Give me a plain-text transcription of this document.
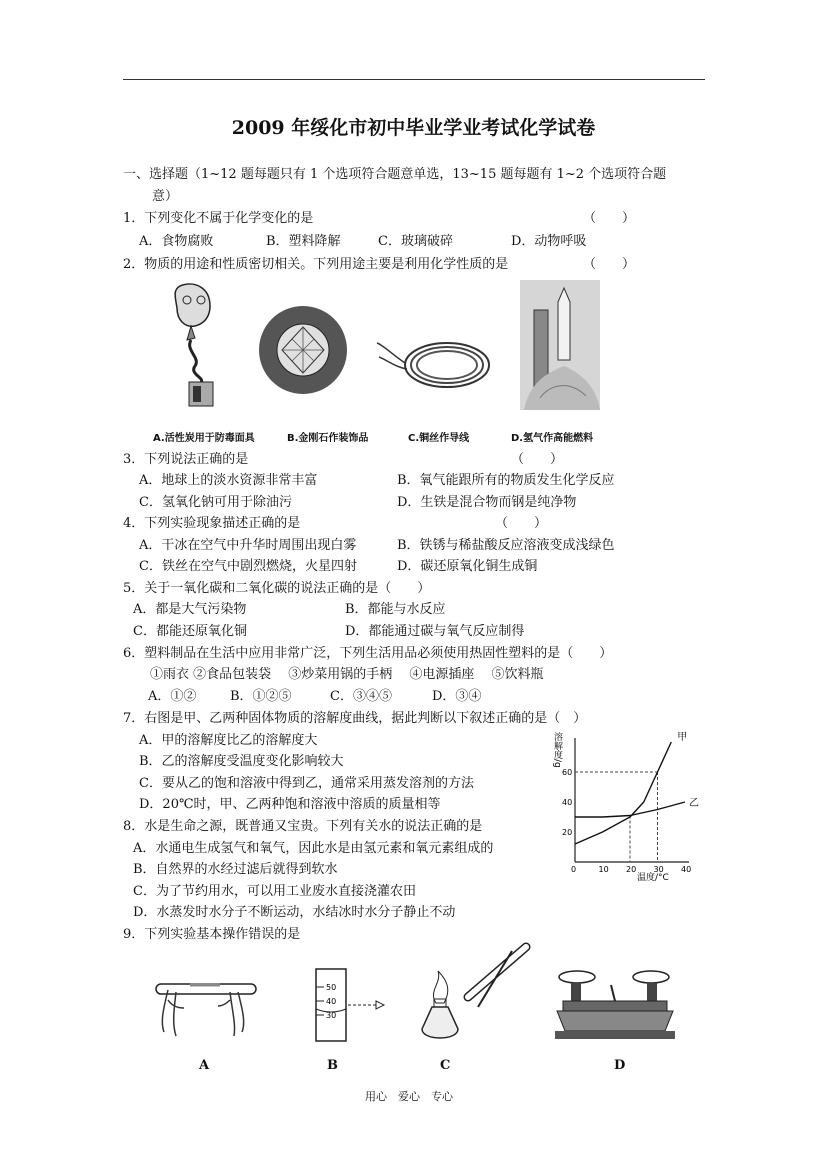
2009 年绥化市初中毕业学业考试化学试卷
一、选择题（1~12 题每题只有 1 个选项符合题意单选，13~15 题每题有 1~2 个选项符合题
意）
1．下列变化不属于化学变化的是	（　　）
A．食物腐败	B．塑料降解	C．玻璃破碎	D．动物呼吸
2．物质的用途和性质密切相关。下列用途主要是利用化学性质的是	（　　）
A.活性炭用于防毒面具	B.金刚石作装饰品	C.铜丝作导线	D.氢气作高能燃料
3．下列说法正确的是	（　　）
A．地球上的淡水资源非常丰富	B．氧气能跟所有的物质发生化学反应
C．氢氧化钠可用于除油污	D．生铁是混合物而钢是纯净物
4．下列实验现象描述正确的是	（　　）
A．干冰在空气中升华时周围出现白雾	B．铁锈与稀盐酸反应溶液变成浅绿色
C．铁丝在空气中剧烈燃烧，火星四射	D．碳还原氧化铜生成铜
5．关于一氧化碳和二氧化碳的说法正确的是（　　）
A．都是大气污染物	B．都能与水反应
C．都能还原氧化铜	D．都能通过碳与氧气反应制得
6．塑料制品在生活中应用非常广泛，下列生活用品必须使用热固性塑料的是（　　）
①雨衣 ②食品包装袋　 ③炒菜用锅的手柄　 ④电源插座　 ⑤饮料瓶
A．①②	B．①②⑤	C．③④⑤	D．③④
7．右图是甲、乙两种固体物质的溶解度曲线，据此判断以下叙述正确的是（　）
A．甲的溶解度比乙的溶解度大
B．乙的溶解度受温度变化影响较大
C．要从乙的饱和溶液中得到乙，通常采用蒸发溶剂的方法
D．20℃时，甲、乙两种饱和溶液中溶质的质量相等
8．水是生命之源，既普通又宝贵。下列有关水的说法正确的是
A．水通电生成氢气和氧气，因此水是由氢元素和氧元素组成的
B．自然界的水经过滤后就得到软水
C．为了节约用水，可以用工业废水直接浇灌农田
D．水蒸发时水分子不断运动，水结冰时水分子静止不动
9．下列实验基本操作错误的是
甲
乙
0	10 20 30 40
20
40
60
温度/°C
溶解度/g
50
40
30
A	B	C	D
用心　爱心　专心
